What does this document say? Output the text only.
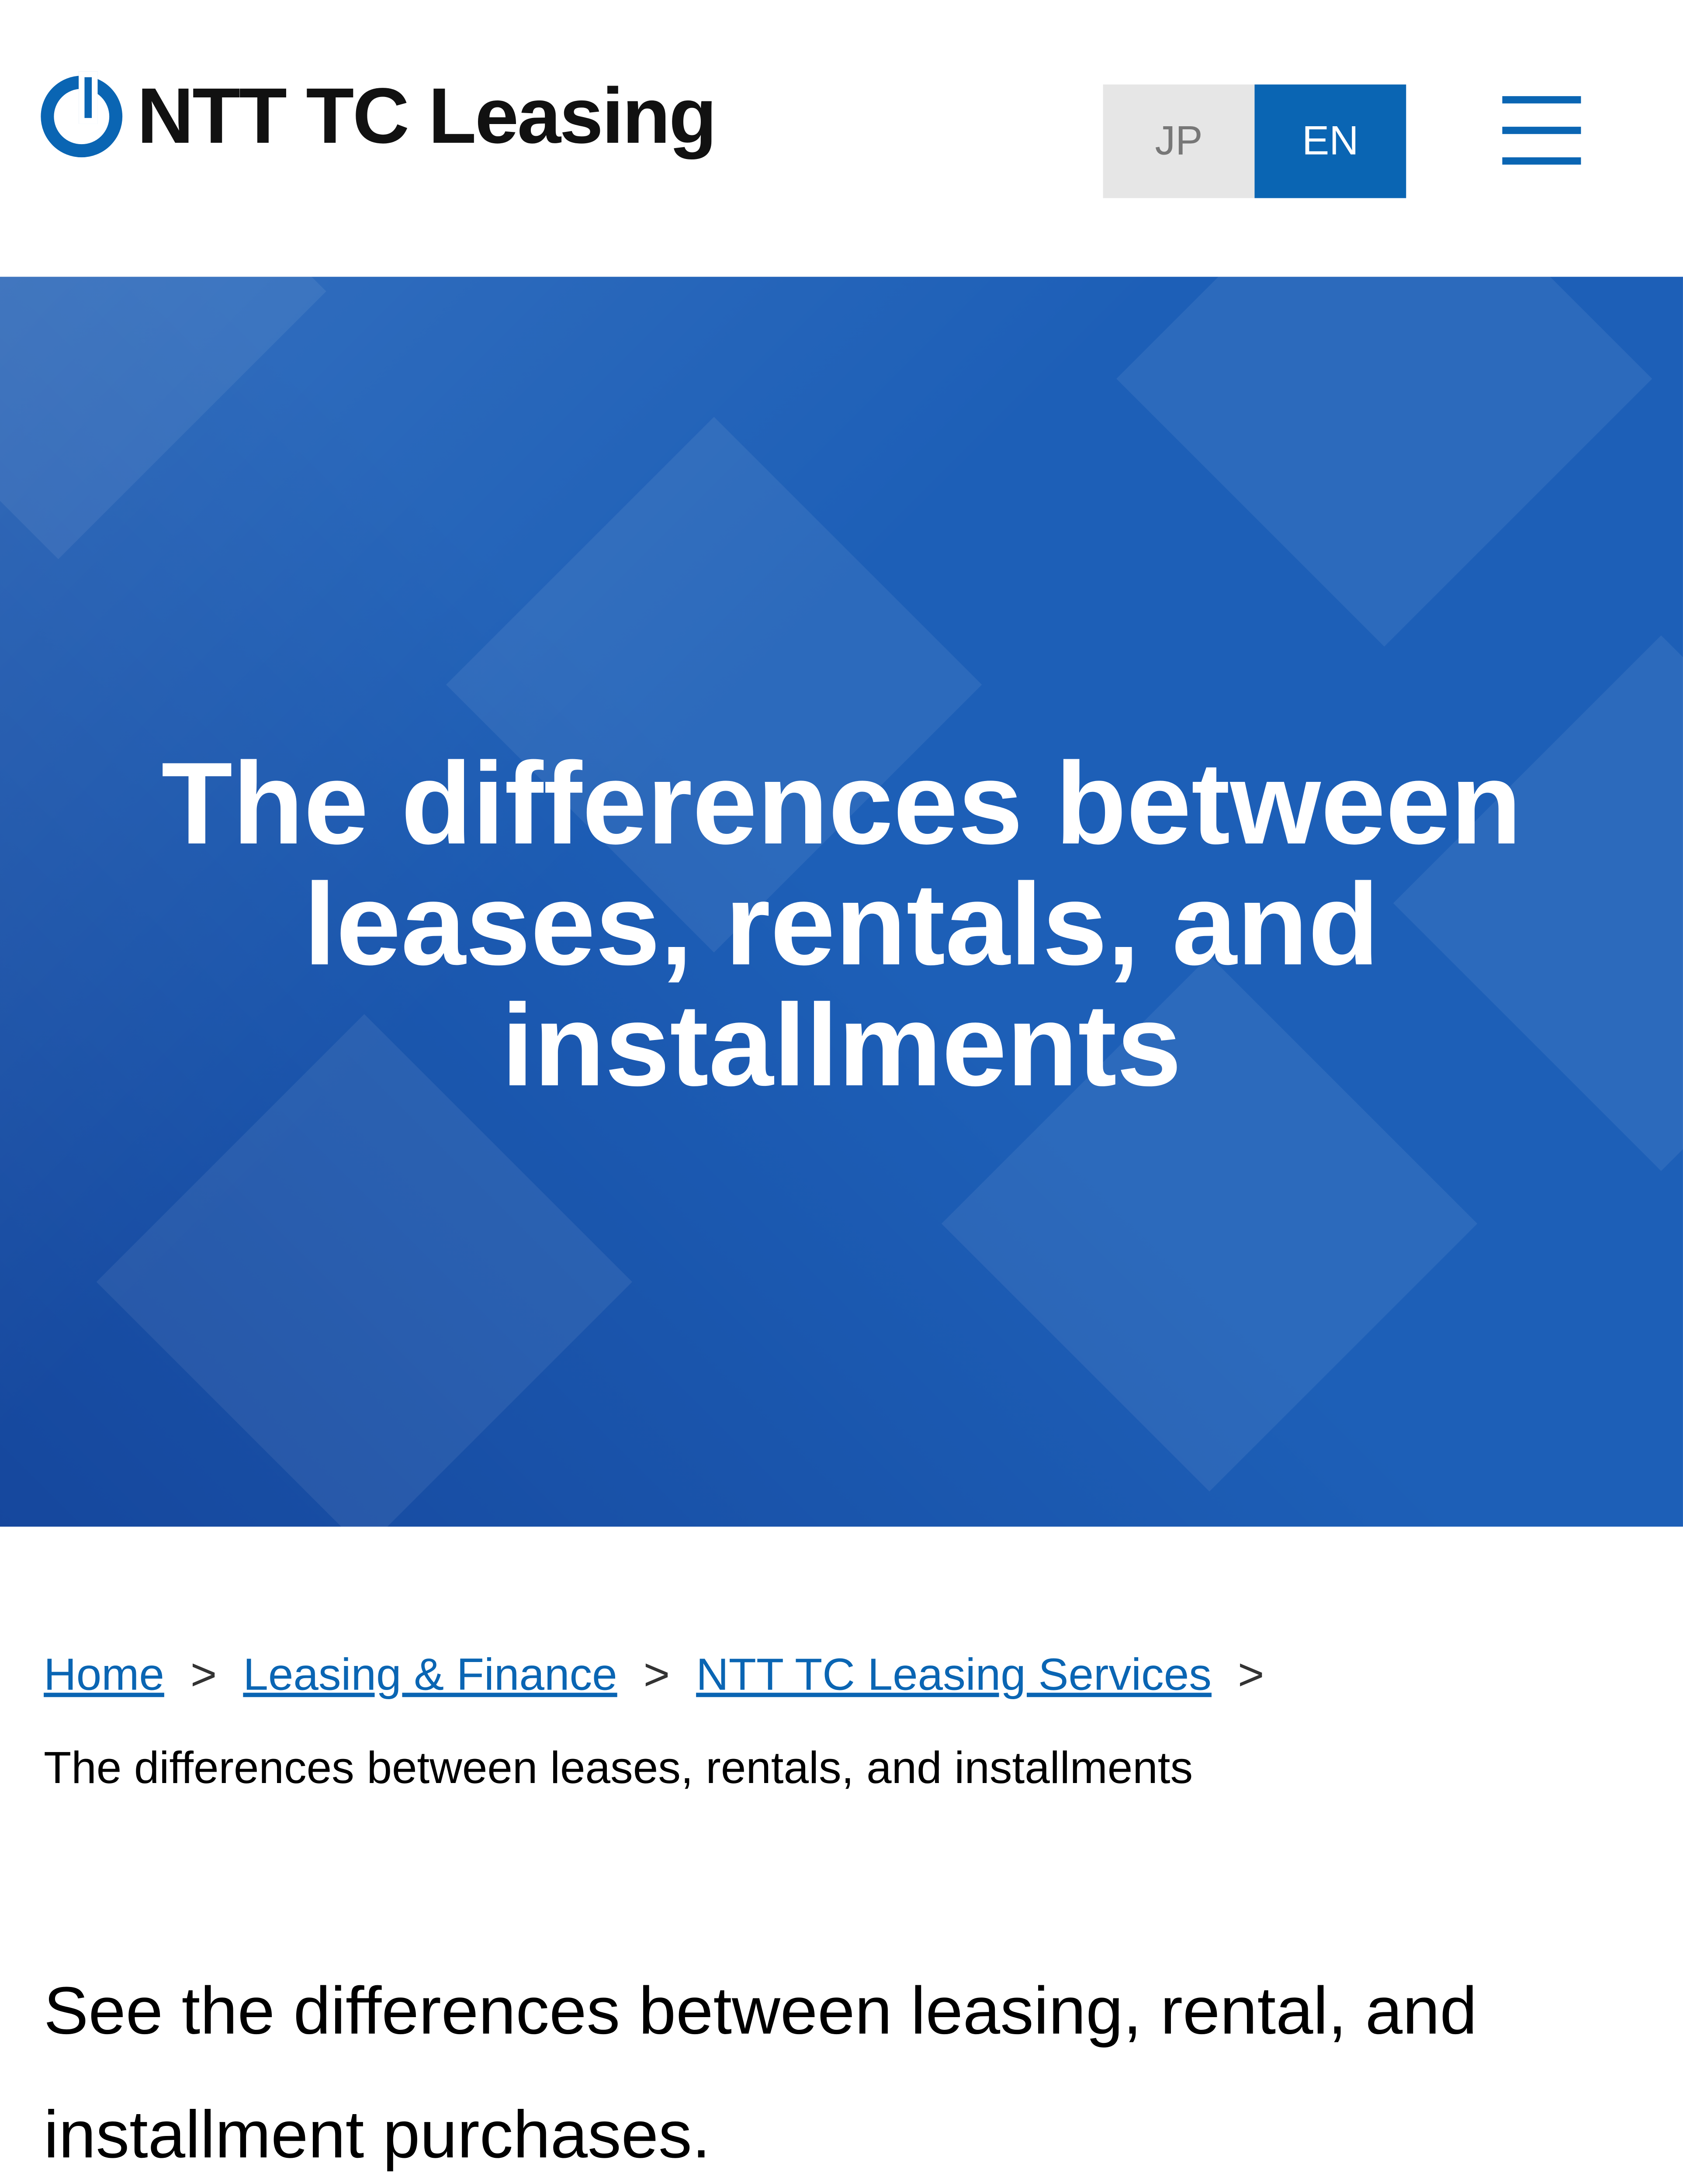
NTT TC Leasing	JP	EN
The differences between leases, rentals, and installments
Home > Leasing & Finance > NTT TC Leasing Services >
The differences between leases, rentals, and installments
See the differences between leasing, rental, and installment purchases.
